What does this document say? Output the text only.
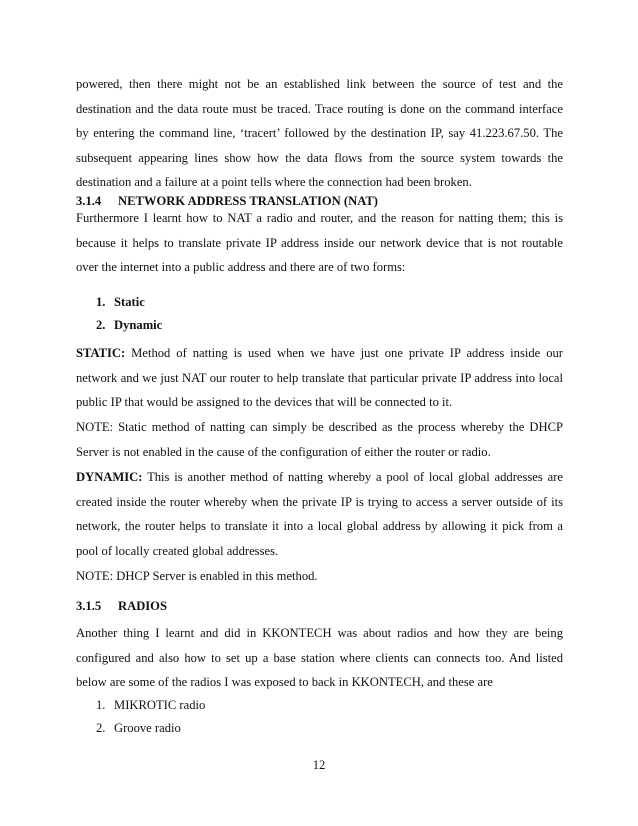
powered, then there might not be an established link between the source of test and the destination and the data route must be traced. Trace routing is done on the command interface by entering the command line, ‘tracert’ followed by the destination IP, say 41.223.67.50. The subsequent appearing lines show how the data flows from the source system towards the destination and a failure at a point tells where the connection had been broken.

3.1.4 NETWORK ADDRESS TRANSLATION (NAT)

Furthermore I learnt how to NAT a radio and router, and the reason for natting them; this is because it helps to translate private IP address inside our network device that is not routable over the internet into a public address and there are of two forms:

1. Static
2. Dynamic

STATIC: Method of natting is used when we have just one private IP address inside our network and we just NAT our router to help translate that particular private IP address into local public IP that would be assigned to the devices that will be connected to it.

NOTE: Static method of natting can simply be described as the process whereby the DHCP Server is not enabled in the cause of the configuration of either the router or radio.

DYNAMIC: This is another method of natting whereby a pool of local global addresses are created inside the router whereby when the private IP is trying to access a server outside of its network, the router helps to translate it into a local global address by allowing it pick from a pool of locally created global addresses.

NOTE: DHCP Server is enabled in this method.

3.1.5 RADIOS

Another thing I learnt and did in KKONTECH was about radios and how they are being configured and also how to set up a base station where clients can connects too. And listed below are some of the radios I was exposed to back in KKONTECH, and these are

1. MIKROTIC radio
2. Groove radio
12
